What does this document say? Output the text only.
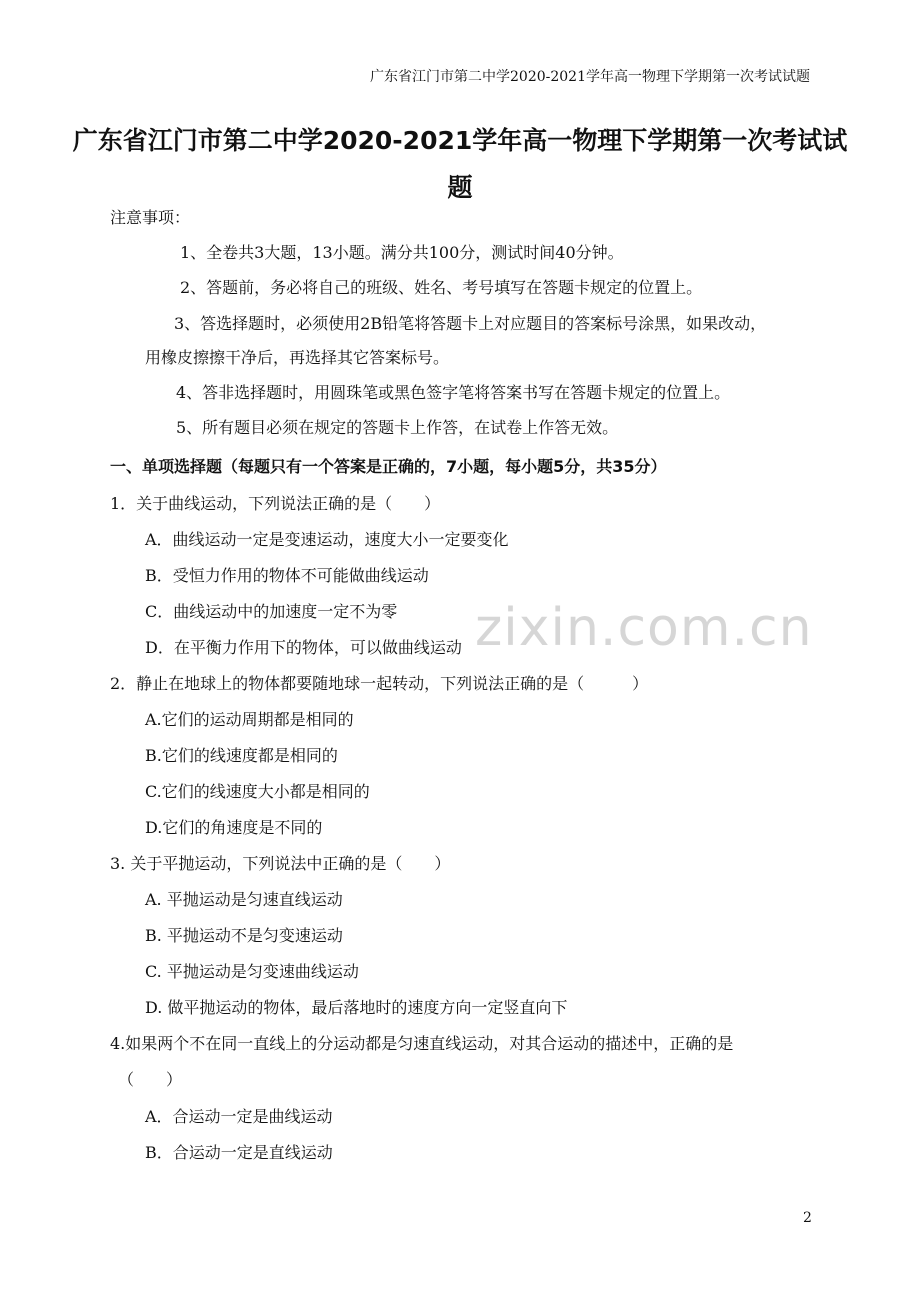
广东省江门市第二中学2020-2021学年高一物理下学期第一次考试试题
广东省江门市第二中学2020-2021学年高一物理下学期第一次考试试
题
注意事项：
1、全卷共3大题，13小题。满分共100分，测试时间40分钟。
2、答题前，务必将自己的班级、姓名、考号填写在答题卡规定的位置上。
3、答选择题时，必须使用2B铅笔将答题卡上对应题目的答案标号涂黑，如果改动，
用橡皮擦擦干净后，再选择其它答案标号。
4、答非选择题时，用圆珠笔或黑色签字笔将答案书写在答题卡规定的位置上。
5、所有题目必须在规定的答题卡上作答，在试卷上作答无效。
一、单项选择题（每题只有一个答案是正确的，7小题，每小题5分，共35分）
1．关于曲线运动，下列说法正确的是（　　）
A．曲线运动一定是变速运动，速度大小一定要变化
B．受恒力作用的物体不可能做曲线运动
C．曲线运动中的加速度一定不为零
D．在平衡力作用下的物体，可以做曲线运动
2．静止在地球上的物体都要随地球一起转动，下列说法正确的是（　　　）
A.它们的运动周期都是相同的
B.它们的线速度都是相同的
C.它们的线速度大小都是相同的
D.它们的角速度是不同的
3. 关于平抛运动，下列说法中正确的是（　　）
A. 平抛运动是匀速直线运动
B. 平抛运动不是匀变速运动
C. 平抛运动是匀变速曲线运动
D. 做平抛运动的物体，最后落地时的速度方向一定竖直向下
4.如果两个不在同一直线上的分运动都是匀速直线运动，对其合运动的描述中，正确的是
（　　）
A．合运动一定是曲线运动
B．合运动一定是直线运动
zixin.com.cn
2
